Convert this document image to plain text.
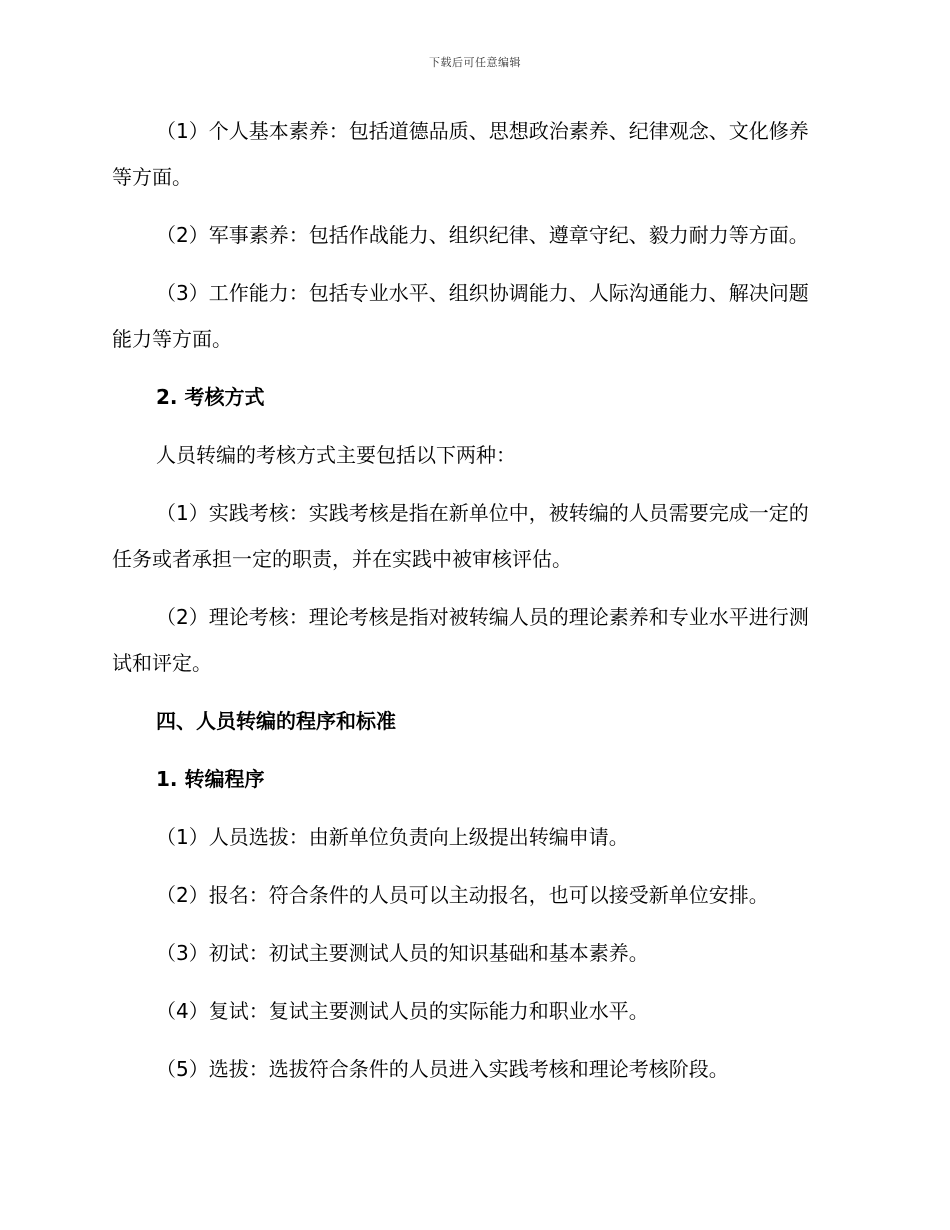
下载后可任意编辑

（1）个人基本素养：包括道德品质、思想政治素养、纪律观念、文化修养等方面。

（2）军事素养：包括作战能力、组织纪律、遵章守纪、毅力耐力等方面。

（3）工作能力：包括专业水平、组织协调能力、人际沟通能力、解决问题能力等方面。

2. 考核方式

人员转编的考核方式主要包括以下两种：

（1）实践考核：实践考核是指在新单位中，被转编的人员需要完成一定的任务或者承担一定的职责，并在实践中被审核评估。

（2）理论考核：理论考核是指对被转编人员的理论素养和专业水平进行测试和评定。

四、人员转编的程序和标准

1. 转编程序

（1）人员选拔：由新单位负责向上级提出转编申请。

（2）报名：符合条件的人员可以主动报名，也可以接受新单位安排。

（3）初试：初试主要测试人员的知识基础和基本素养。

（4）复试：复试主要测试人员的实际能力和职业水平。

（5）选拔：选拔符合条件的人员进入实践考核和理论考核阶段。
